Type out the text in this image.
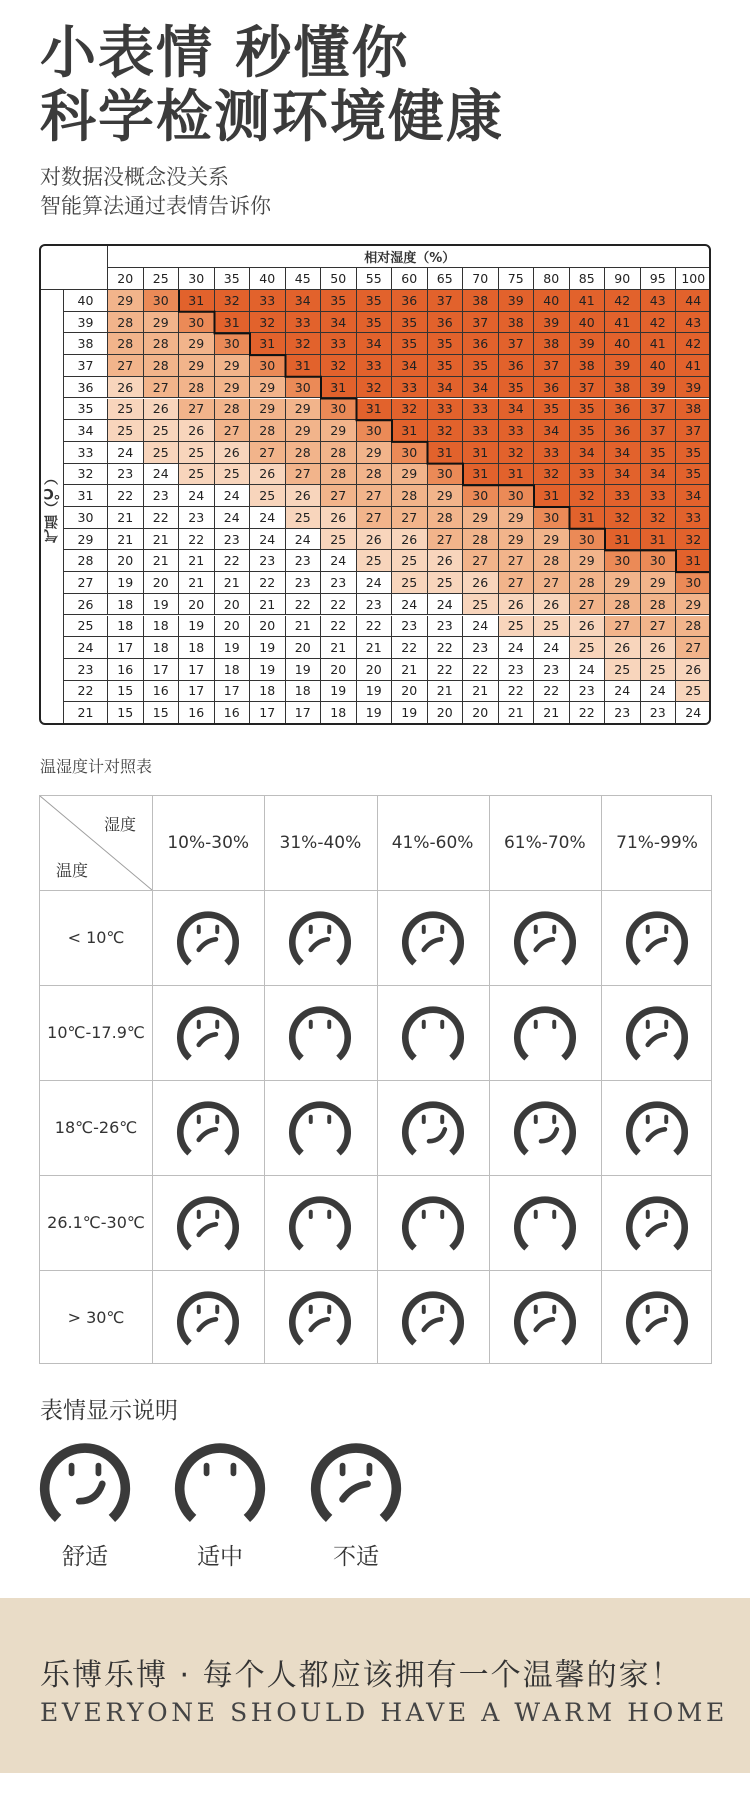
小表情 秒懂你
科学检测环境健康
对数据没概念没关系
智能算法通过表情告诉你
相对湿度（%）
气温（℃）
20	25	30	35	40	45	50	55	60	65	70	75	80	85	90	95	100
40	29	30	31	32	33	34	35	35	36	37	38	39	40	41	42	43	44
39	28	29	30	31	32	33	34	35	35	36	37	38	39	40	41	42	43
38	28	28	29	30	31	32	33	34	35	35	36	37	38	39	40	41	42
37	27	28	29	29	30	31	32	33	34	35	35	36	37	38	39	40	41
36	26	27	28	29	29	30	31	32	33	34	34	35	36	37	38	39	39
35	25	26	27	28	29	29	30	31	32	33	33	34	35	35	36	37	38
34	25	25	26	27	28	29	29	30	31	32	33	33	34	35	36	37	37
33	24	25	25	26	27	28	28	29	30	31	31	32	33	34	34	35	35
32	23	24	25	25	26	27	28	28	29	30	31	31	32	33	34	34	35
31	22	23	24	24	25	26	27	27	28	29	30	30	31	32	33	33	34
30	21	22	23	24	24	25	26	27	27	28	29	29	30	31	32	32	33
29	21	21	22	23	24	24	25	26	26	27	28	29	29	30	31	31	32
28	20	21	21	22	23	23	24	25	25	26	27	27	28	29	30	30	31
27	19	20	21	21	22	23	23	24	25	25	26	27	27	28	29	29	30
26	18	19	20	20	21	22	22	23	24	24	25	26	26	27	28	28	29
25	18	18	19	20	20	21	22	22	23	23	24	25	25	26	27	27	28
24	17	18	18	19	19	20	21	21	22	22	23	24	24	25	26	26	27
23	16	17	17	18	19	19	20	20	21	22	22	23	23	24	25	25	26
22	15	16	17	17	18	18	19	19	20	21	21	22	22	23	24	24	25
21	15	15	16	16	17	17	18	19	19	20	20	21	21	22	23	23	24
温湿度计对照表
湿度
温度
10%-30%	31%-40%	41%-60%	61%-70%	71%-99%
< 10℃
10℃-17.9℃
18℃-26℃
26.1℃-30℃
> 30℃
表情显示说明
舒适	适中	不适
乐博乐博 · 每个人都应该拥有一个温馨的家！
EVERYONE SHOULD HAVE A WARM HOME
